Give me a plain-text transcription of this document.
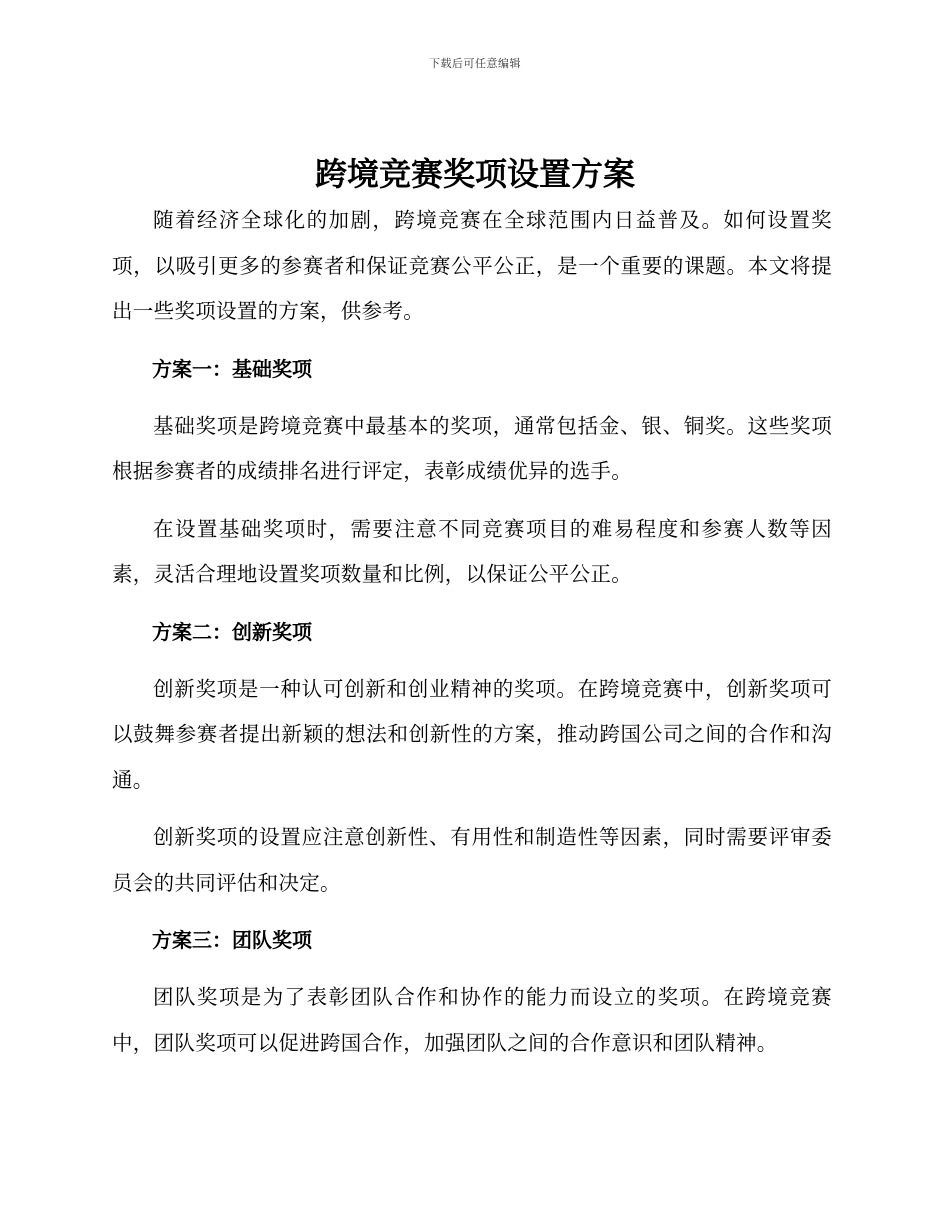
下载后可任意编辑
跨境竞赛奖项设置方案

随着经济全球化的加剧，跨境竞赛在全球范围内日益普及。如何设置奖项，以吸引更多的参赛者和保证竞赛公平公正，是一个重要的课题。本文将提出一些奖项设置的方案，供参考。

方案一：基础奖项

基础奖项是跨境竞赛中最基本的奖项，通常包括金、银、铜奖。这些奖项根据参赛者的成绩排名进行评定，表彰成绩优异的选手。

在设置基础奖项时，需要注意不同竞赛项目的难易程度和参赛人数等因素，灵活合理地设置奖项数量和比例，以保证公平公正。

方案二：创新奖项

创新奖项是一种认可创新和创业精神的奖项。在跨境竞赛中，创新奖项可以鼓舞参赛者提出新颖的想法和创新性的方案，推动跨国公司之间的合作和沟通。

创新奖项的设置应注意创新性、有用性和制造性等因素，同时需要评审委员会的共同评估和决定。

方案三：团队奖项

团队奖项是为了表彰团队合作和协作的能力而设立的奖项。在跨境竞赛中，团队奖项可以促进跨国合作，加强团队之间的合作意识和团队精神。
